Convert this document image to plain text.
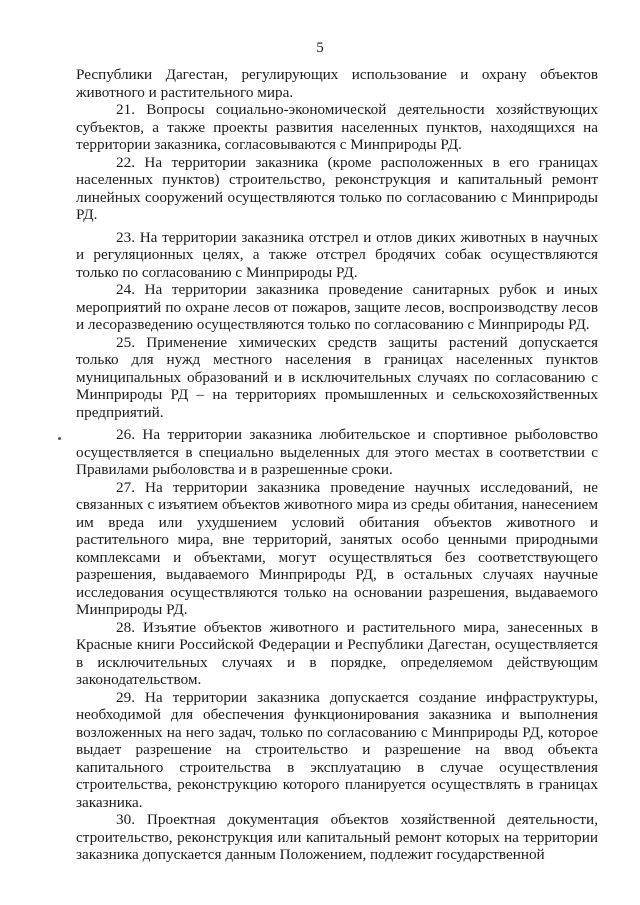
5

Республики Дагестан, регулирующих использование и охрану объектов животного и растительного мира.

21. Вопросы социально-экономической деятельности хозяйствующих субъектов, а также проекты развития населенных пунктов, находящихся на территории заказника, согласовываются с Минприроды РД.

22. На территории заказника (кроме расположенных в его границах населенных пунктов) строительство, реконструкция и капитальный ремонт линейных сооружений осуществляются только по согласованию с Минприроды РД.

23. На территории заказника отстрел и отлов диких животных в научных и регуляционных целях, а также отстрел бродячих собак осуществляются только по согласованию с Минприроды РД.

24. На территории заказника проведение санитарных рубок и иных мероприятий по охране лесов от пожаров, защите лесов, воспроизводству лесов и лесоразведению осуществляются только по согласованию с Минприроды РД.

25. Применение химических средств защиты растений допускается только для нужд местного населения в границах населенных пунктов муниципальных образований и в исключительных случаях по согласованию с Минприроды РД – на территориях промышленных и сельскохозяйственных предприятий.

26. На территории заказника любительское и спортивное рыболовство осуществляется в специально выделенных для этого местах в соответствии с Правилами рыболовства и в разрешенные сроки.

27. На территории заказника проведение научных исследований, не связанных с изъятием объектов животного мира из среды обитания, нанесением им вреда или ухудшением условий обитания объектов животного и растительного мира, вне территорий, занятых особо ценными природными комплексами и объектами, могут осуществляться без соответствующего разрешения, выдаваемого Минприроды РД, в остальных случаях научные исследования осуществляются только на основании разрешения, выдаваемого Минприроды РД.

28. Изъятие объектов животного и растительного мира, занесенных в Красные книги Российской Федерации и Республики Дагестан, осуществляется в исключительных случаях и в порядке, определяемом действующим законодательством.

29. На территории заказника допускается создание инфраструктуры, необходимой для обеспечения функционирования заказника и выполнения возложенных на него задач, только по согласованию с Минприроды РД, которое выдает разрешение на строительство и разрешение на ввод объекта капитального строительства в эксплуатацию в случае осуществления строительства, реконструкцию которого планируется осуществлять в границах заказника.

30. Проектная документация объектов хозяйственной деятельности, строительство, реконструкция или капитальный ремонт которых на территории заказника допускается данным Положением, подлежит государственной
